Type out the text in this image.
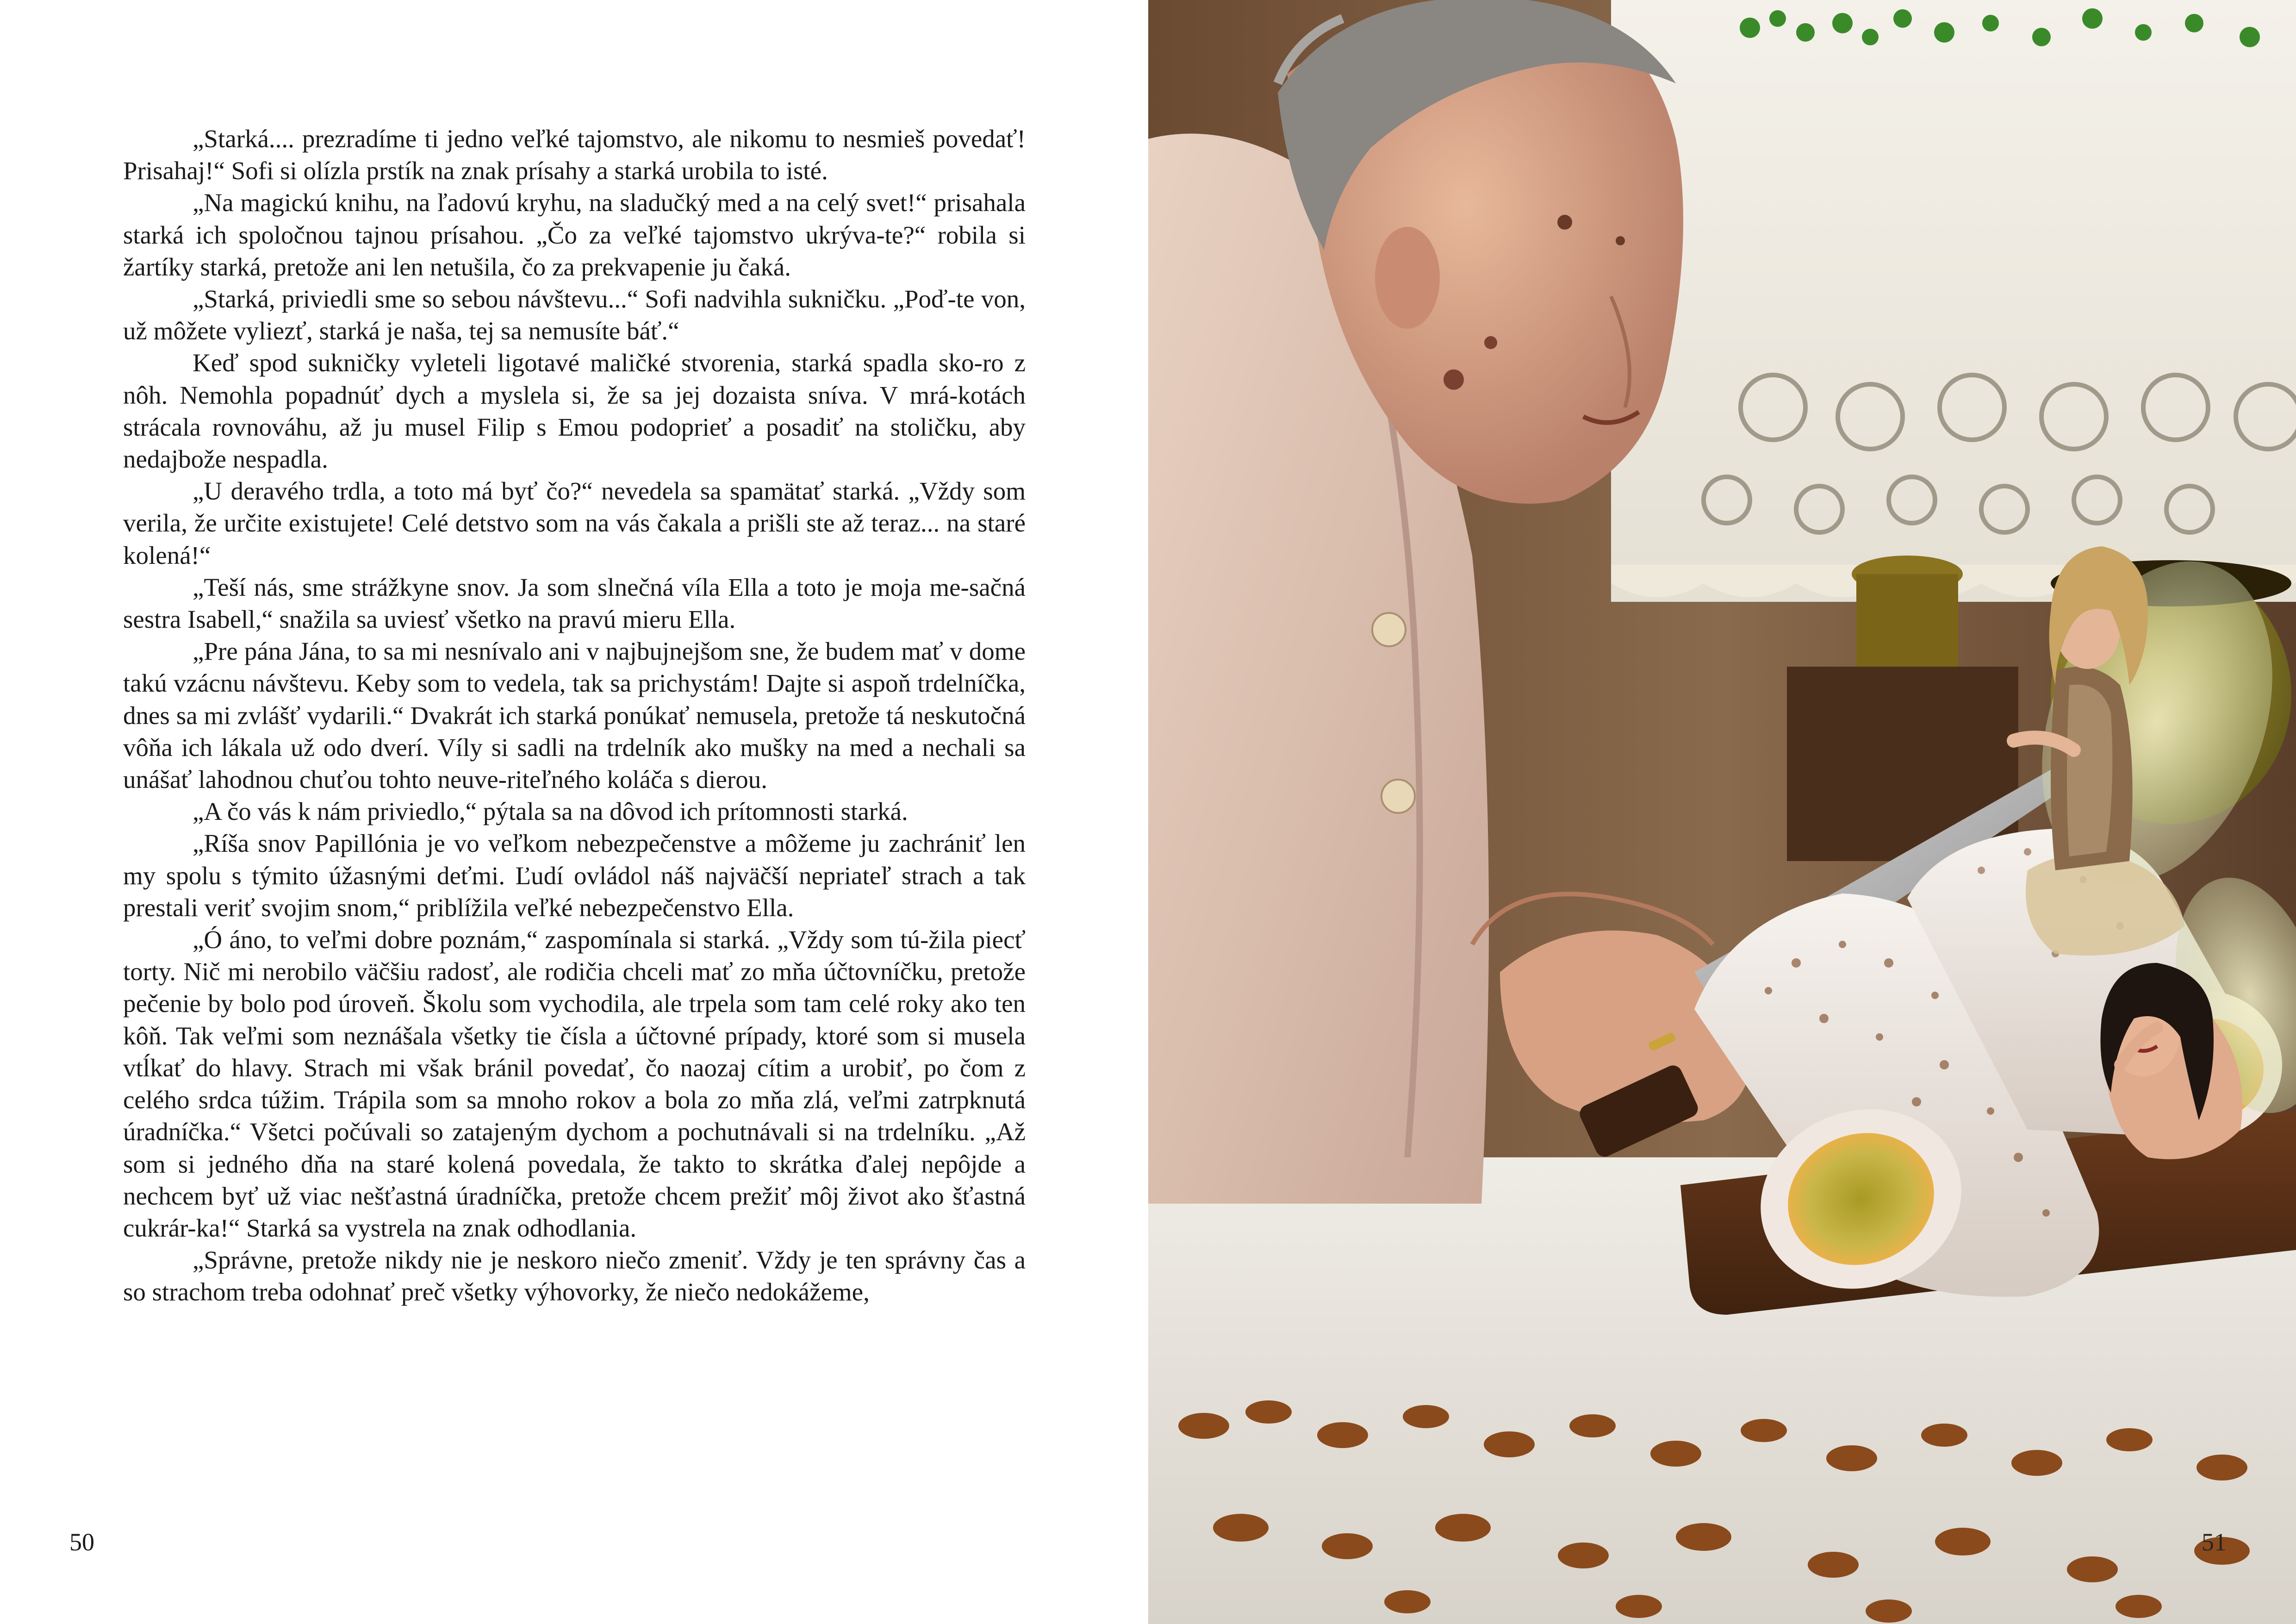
„Starká.... prezradíme ti jedno veľké tajomstvo, ale nikomu to nesmieš povedať! Prisahaj!“ Sofi si olízla prstík na znak prísahy a starká urobila to isté.

„Na magickú knihu, na ľadovú kryhu, na sladučký med a na celý svet!“ prisahala starká ich spoločnou tajnou prísahou. „Čo za veľké tajomstvo ukrýva-te?“ robila si žartíky starká, pretože ani len netušila, čo za prekvapenie ju čaká.

„Starká, priviedli sme so sebou návštevu...“ Sofi nadvihla sukničku. „Poď-te von, už môžete vyliezť, starká je naša, tej sa nemusíte báť.“

Keď spod sukničky vyleteli ligotavé maličké stvorenia, starká spadla sko-ro z nôh. Nemohla popadnúť dych a myslela si, že sa jej dozaista sníva. V mrá-kotách strácala rovnováhu, až ju musel Filip s Emou podoprieť a posadiť na stoličku, aby nedajbože nespadla.

„U deravého trdla, a toto má byť čo?“ nevedela sa spamätať starká. „Vždy som verila, že určite existujete! Celé detstvo som na vás čakala a prišli ste až teraz... na staré kolená!“

„Teší nás, sme strážkyne snov. Ja som slnečná víla Ella a toto je moja me-sačná sestra Isabell,“ snažila sa uviesť všetko na pravú mieru Ella.

„Pre pána Jána, to sa mi nesnívalo ani v najbujnejšom sne, že budem mať v dome takú vzácnu návštevu. Keby som to vedela, tak sa prichystám! Dajte si aspoň trdelníčka, dnes sa mi zvlášť vydarili.“ Dvakrát ich starká ponúkať nemusela, pretože tá neskutočná vôňa ich lákala už odo dverí. Víly si sadli na trdelník ako mušky na med a nechali sa unášať lahodnou chuťou tohto neuve-riteľného koláča s dierou.

„A čo vás k nám priviedlo,“ pýtala sa na dôvod ich prítomnosti starká.

„Ríša snov Papillónia je vo veľkom nebezpečenstve a môžeme ju zachrániť len my spolu s týmito úžasnými deťmi. Ľudí ovládol náš najväčší nepriateľ strach a tak prestali veriť svojim snom,“ priblížila veľké nebezpečenstvo Ella.

„Ó áno, to veľmi dobre poznám,“ zaspomínala si starká. „Vždy som tú-žila piecť torty. Nič mi nerobilo väčšiu radosť, ale rodičia chceli mať zo mňa účtovníčku, pretože pečenie by bolo pod úroveň. Školu som vychodila, ale trpela som tam celé roky ako ten kôň. Tak veľmi som neznášala všetky tie čísla a účtovné prípady, ktoré som si musela vtĺkať do hlavy. Strach mi však bránil povedať, čo naozaj cítim a urobiť, po čom z celého srdca túžim. Trápila som sa mnoho rokov a bola zo mňa zlá, veľmi zatrpknutá úradníčka.“ Všetci počúvali so zatajeným dychom a pochutnávali si na trdelníku. „Až som si jedného dňa na staré kolená povedala, že takto to skrátka ďalej nepôjde a nechcem byť už viac nešťastná úradníčka, pretože chcem prežiť môj život ako šťastná cukrár-ka!“ Starká sa vystrela na znak odhodlania.

„Správne, pretože nikdy nie je neskoro niečo zmeniť. Vždy je ten správny čas a so strachom treba odohnať preč všetky výhovorky, že niečo nedokážeme,

50	51
